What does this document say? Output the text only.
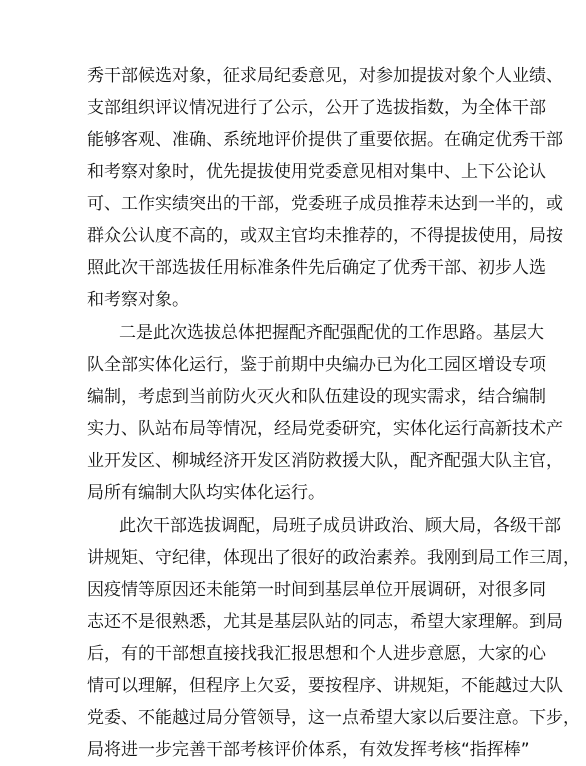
秀干部候选对象，征求局纪委意见，对参加提拔对象个人业绩、
支部组织评议情况进行了公示，公开了选拔指数，为全体干部
能够客观、准确、系统地评价提供了重要依据。在确定优秀干部
和考察对象时，优先提拔使用党委意见相对集中、上下公论认
可、工作实绩突出的干部，党委班子成员推荐未达到一半的，或
群众公认度不高的，或双主官均未推荐的，不得提拔使用，局按
照此次干部选拔任用标准条件先后确定了优秀干部、初步人选
和考察对象。
二是此次选拔总体把握配齐配强配优的工作思路。基层大
队全部实体化运行，鉴于前期中央编办已为化工园区增设专项
编制，考虑到当前防火灭火和队伍建设的现实需求，结合编制
实力、队站布局等情况，经局党委研究，实体化运行高新技术产
业开发区、柳城经济开发区消防救援大队，配齐配强大队主官，
局所有编制大队均实体化运行。
此次干部选拔调配，局班子成员讲政治、顾大局，各级干部
讲规矩、守纪律，体现出了很好的政治素养。我刚到局工作三周，
因疫情等原因还未能第一时间到基层单位开展调研，对很多同
志还不是很熟悉，尤其是基层队站的同志，希望大家理解。到局
后，有的干部想直接找我汇报思想和个人进步意愿，大家的心
情可以理解，但程序上欠妥，要按程序、讲规矩，不能越过大队
党委、不能越过局分管领导，这一点希望大家以后要注意。下步，
局将进一步完善干部考核评价体系，有效发挥考核“指挥棒”
